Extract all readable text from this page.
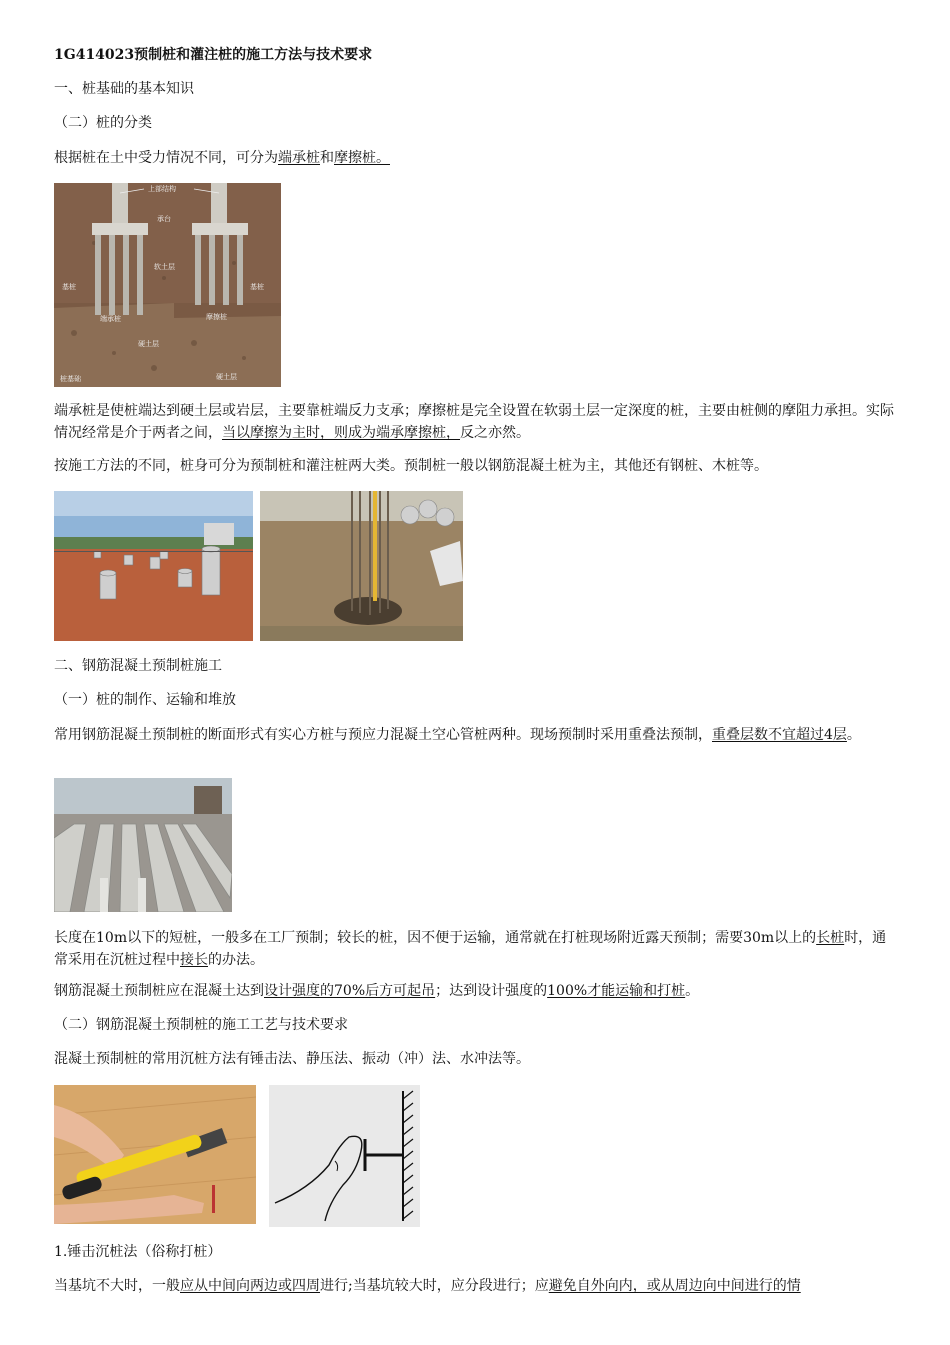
1G414023预制桩和灌注桩的施工方法与技术要求
一、桩基础的基本知识
（二）桩的分类
根据桩在土中受力情况不同，可分为端承桩和摩擦桩。
上部结构
承台
软土层
基桩	基桩
端承桩	摩擦桩
硬土层
桩基础	硬土层
端承桩是使桩端达到硬土层或岩层，主要靠桩端反力支承；摩擦桩是完全设置在软弱土层一定深度的桩，主要由桩侧的摩阻力承担。实际情况经常是介于两者之间，当以摩擦为主时，则成为端承摩擦桩，反之亦然。
按施工方法的不同，桩身可分为预制桩和灌注桩两大类。预制桩一般以钢筋混凝土桩为主，其他还有钢桩、木桩等。
二、钢筋混凝土预制桩施工
（一）桩的制作、运输和堆放
常用钢筋混凝土预制桩的断面形式有实心方桩与预应力混凝土空心管桩两种。现场预制时采用重叠法预制，重叠层数不宜超过4层。
长度在10m以下的短桩，一般多在工厂预制；较长的桩，因不便于运输，通常就在打桩现场附近露天预制；需要30m以上的长桩时，通常采用在沉桩过程中接长的办法。
钢筋混凝土预制桩应在混凝土达到设计强度的70%后方可起吊；达到设计强度的100%才能运输和打桩。
（二）钢筋混凝土预制桩的施工工艺与技术要求
混凝土预制桩的常用沉桩方法有锤击法、静压法、振动（冲）法、水冲法等。
1.锤击沉桩法（俗称打桩）
当基坑不大时，一般应从中间向两边或四周进行;当基坑较大时，应分段进行；应避免自外向内，或从周边向中间进行的情
